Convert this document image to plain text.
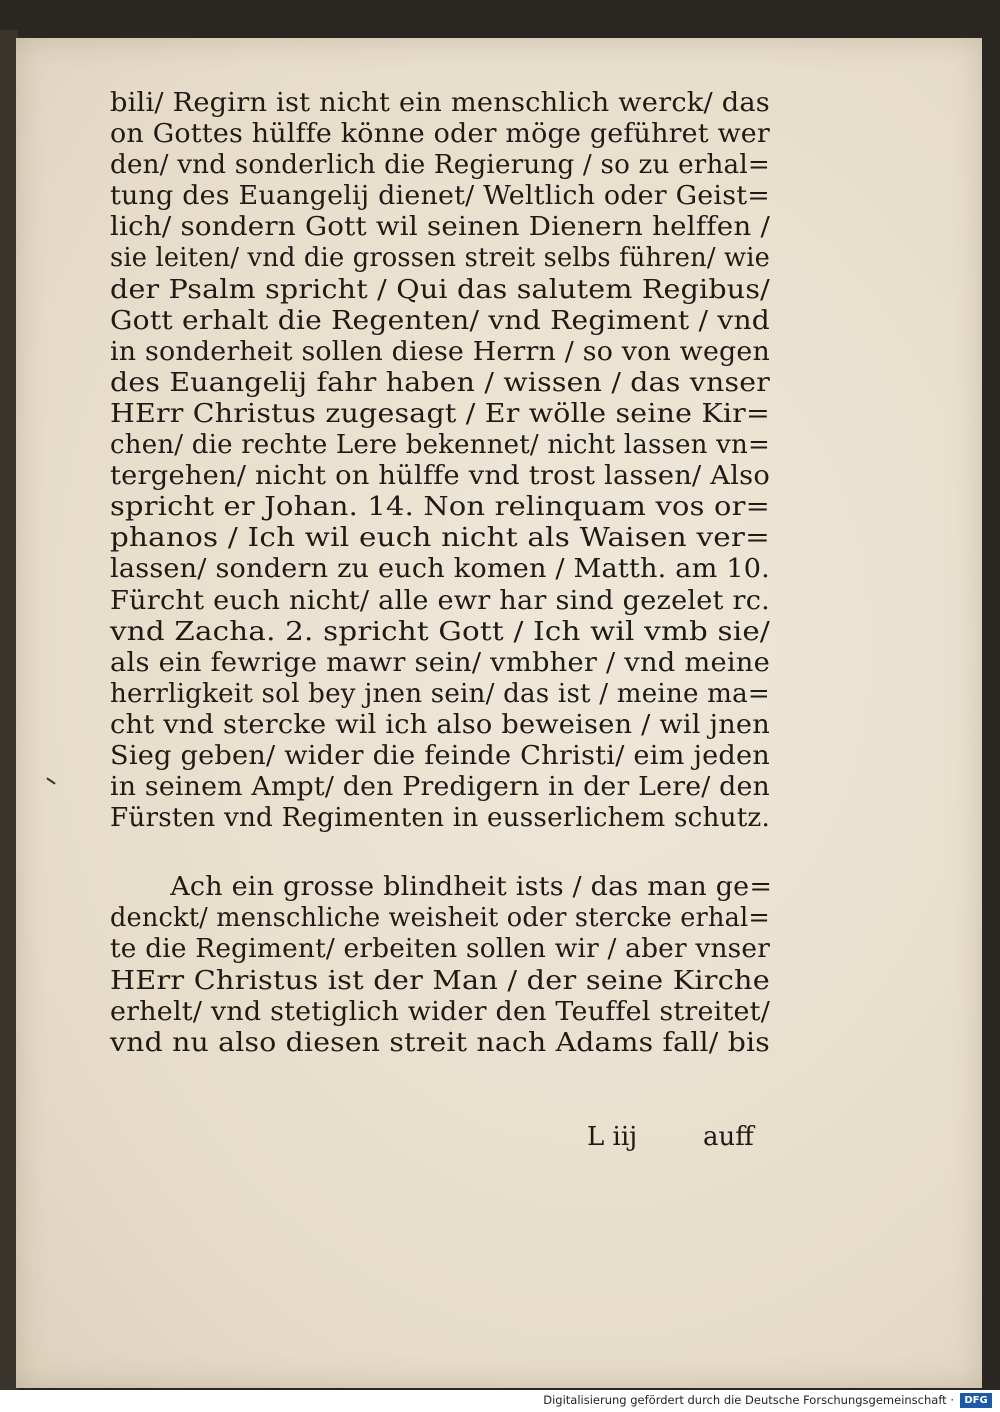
bili/ Regirn ist nicht ein menschlich werck/ das
on Gottes hülffe könne oder möge geführet wer
den/ vnd sonderlich die Regierung / so zu erhal=
tung des Euangelij dienet/ Weltlich oder Geist=
lich/ sondern Gott wil seinen Dienern helffen /
sie leiten/ vnd die grossen streit selbs führen/ wie
der Psalm spricht / Qui das salutem Regibus/
Gott erhalt die Regenten/ vnd Regiment / vnd
in sonderheit sollen diese Herrn / so von wegen
des Euangelij fahr haben / wissen / das vnser
HErr Christus zugesagt / Er wölle seine Kir=
chen/ die rechte Lere bekennet/ nicht lassen vn=
tergehen/ nicht on hülffe vnd trost lassen/ Also
spricht er Johan. 14. Non relinquam vos or=
phanos / Ich wil euch nicht als Waisen ver=
lassen/ sondern zu euch komen / Matth. am 10.
Fürcht euch nicht/ alle ewr har sind gezelet rc.
vnd Zacha. 2. spricht Gott / Ich wil vmb sie/
als ein fewrige mawr sein/ vmbher / vnd meine
herrligkeit sol bey jnen sein/ das ist / meine ma=
cht vnd stercke wil ich also beweisen / wil jnen
Sieg geben/ wider die feinde Christi/ eim jeden
in seinem Ampt/ den Predigern in der Lere/ den
Fürsten vnd Regimenten in eusserlichem schutz.
Ach ein grosse blindheit ists / das man ge=
denckt/ menschliche weisheit oder stercke erhal=
te die Regiment/ erbeiten sollen wir / aber vnser
HErr Christus ist der Man / der seine Kirche
erhelt/ vnd stetiglich wider den Teuffel streitet/
vnd nu also diesen streit nach Adams fall/ bis
L iij	auff
Digitalisierung gefördert durch die Deutsche Forschungsgemeinschaft ·	DFG
